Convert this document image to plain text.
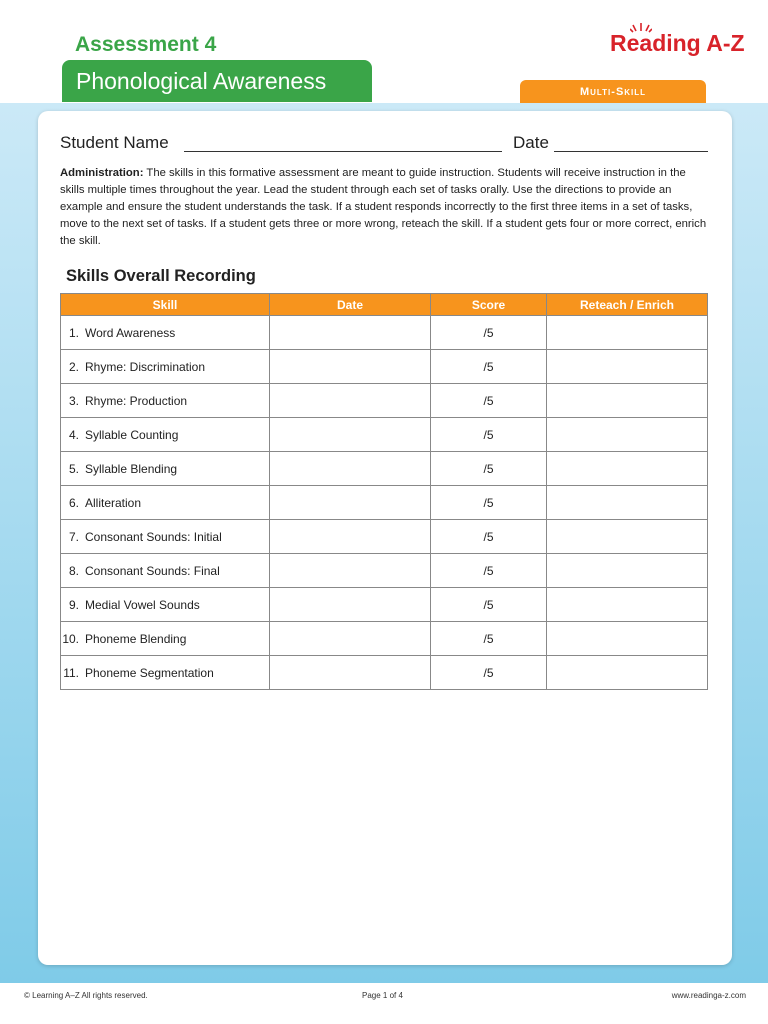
Assessment 4
Phonological Awareness
Reading A-Z
Multi-Skill
Student Name	Date
Administration: The skills in this formative assessment are meant to guide instruction. Students will receive instruction in the skills multiple times throughout the year. Lead the student through each set of tasks orally. Use the directions to provide an example and ensure the student understands the task. If a student responds incorrectly to the first three items in a set of tasks, move to the next set of tasks. If a student gets three or more wrong, reteach the skill. If a student gets four or more correct, enrich the skill.
Skills Overall Recording
Skill	Date	Score	Reteach / Enrich
1. Word Awareness		/5	
2. Rhyme: Discrimination		/5	
3. Rhyme: Production		/5	
4. Syllable Counting		/5	
5. Syllable Blending		/5	
6. Alliteration		/5	
7. Consonant Sounds: Initial		/5	
8. Consonant Sounds: Final		/5	
9. Medial Vowel Sounds		/5	
10. Phoneme Blending		/5	
11. Phoneme Segmentation		/5	
© Learning A–Z All rights reserved.	Page 1 of 4	www.readinga-z.com
